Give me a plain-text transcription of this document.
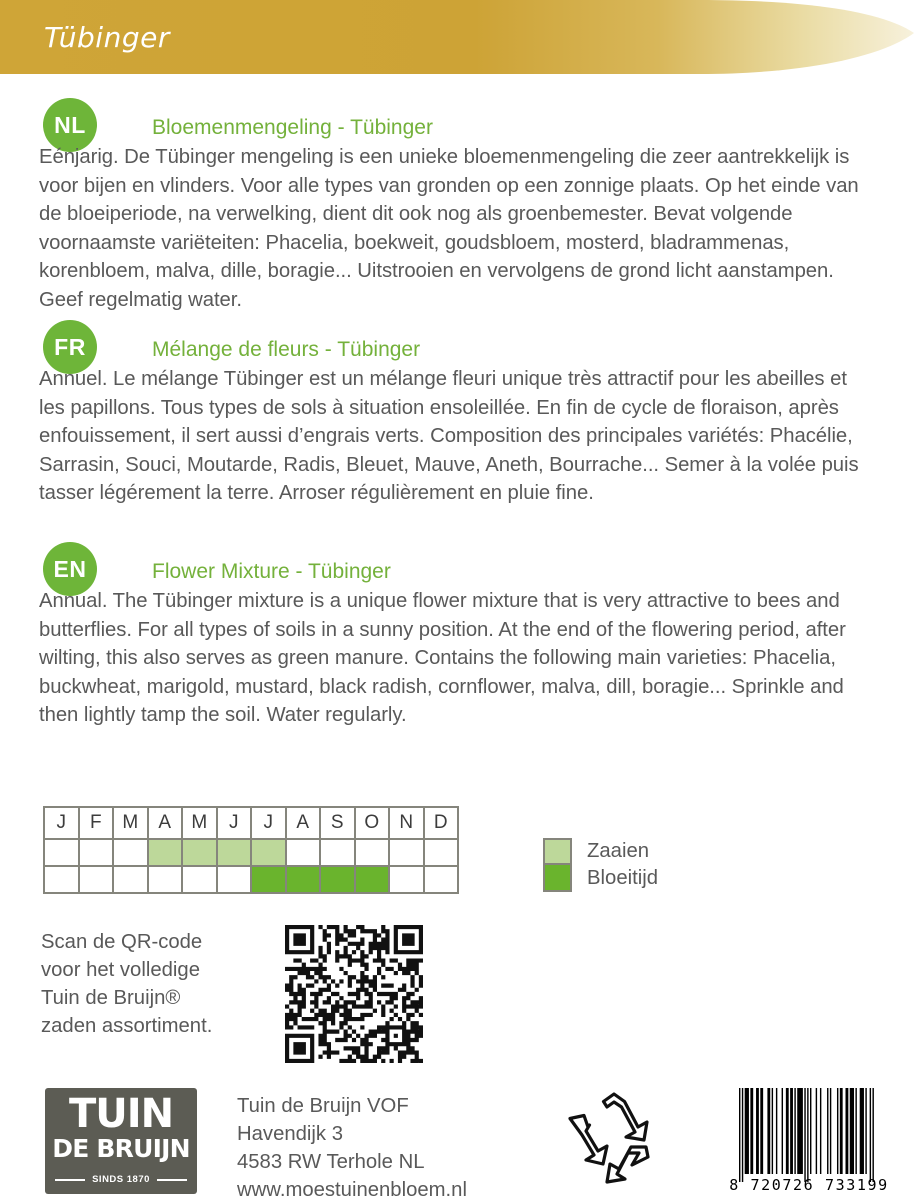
Tübinger
NL	Bloemenmengeling - Tübinger
Eénjarig. De Tübinger mengeling is een unieke bloemenmengeling die zeer aantrekkelijk is voor bijen en vlinders. Voor alle types van gronden op een zonnige plaats. Op het einde van de bloeiperiode, na verwelking, dient dit ook nog als groenbemester. Bevat volgende voornaamste variëteiten: Phacelia, boekweit, goudsbloem, mosterd, bladrammenas, korenbloem, malva, dille, boragie... Uitstrooien en vervolgens de grond licht aanstampen. Geef regelmatig water.
FR	Mélange de fleurs - Tübinger
Annuel. Le mélange Tübinger est un mélange fleuri unique très attractif pour les abeilles et les papillons. Tous types de sols à situation ensoleillée. En fin de cycle de floraison, après enfouissement, il sert aussi d’engrais verts. Composition des principales variétés: Phacélie, Sarrasin, Souci, Moutarde, Radis, Bleuet, Mauve, Aneth, Bourrache... Semer à la volée puis tasser légérement la terre. Arroser régulièrement en pluie fine.
EN	Flower Mixture - Tübinger
Annual. The Tübinger mixture is a unique flower mixture that is very attractive to bees and butterflies. For all types of soils in a sunny position. At the end of the flowering period, after wilting, this also serves as green manure. Contains the following main varieties: Phacelia, buckwheat, marigold, mustard, black radish, cornflower, malva, dill, boragie... Sprinkle and then lightly tamp the soil. Water regularly.
J	F	M	A	M	J	J	A	S	O	N	D

Zaaien
Bloeitijd
Scan de QR-code
voor het volledige
Tuin de Bruijn®
zaden assortiment.
TUIN
DE BRUIJN
SINDS 1870
Tuin de Bruijn VOF
Havendijk 3
4583 RW Terhole NL
www.moestuinenbloem.nl	8 720726 733199
